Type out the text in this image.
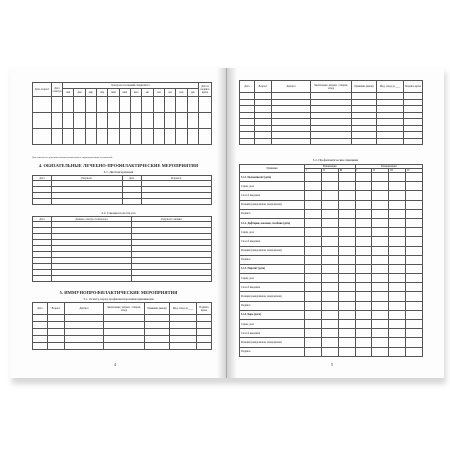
Дата, возраст	Дата осмотра	Контроль посещений специалиста												Дата и подпись врача
		янв	фев	мар	апр	май	июн	июл	авг	сен	окт	ноя	дек	

Для отметки по дополнительным назначениям и характеристикам осложнений
4. ОБЯЗАТЕЛЬНЫЕ ЛЕЧЕБНО-ПРОФИЛАКТИЧЕСКИЕ МЕРОПРИЯТИЯ
4.1. Диспансеризация
Дата	Результат	Дата	Результат

4.2. Санация полости рта
Дата	Данные осмотра стоматолога	Результат санации

5. ИММУНОПРОФИЛАКТИЧЕСКИЕ МЕРОПРИЯТИЯ
5.1. Осмотр перед профилактическими прививками
Дата	Возраст	Диагноз	Заключение: разреш. / запрещ. отвод	Прививка (какая)	Мед. отвод до____	Подпись врача

4
Дата	Возраст	Диагноз	Заключение: разреш. / запрещ. отвод	Прививка (какая)	Мед. отвод до____	Подпись врача

5.2. Профилактические прививки
Прививки	Вакцинация			Ревакцинация			
	I	II	III	I	II	III	IV
5.2.1. Полиомиелит (дата)							
Серия, доза							
Способ введения							
Реакция (немедленная, замедленная)							
Подпись							
5.2.2. Дифтерия, коклюш, столбняк (дата)							
Серия, доза							
Способ введения							
Реакция (немедленная, замедленная)							
Подпись							
5.2.3. Паротит (дата)							
Серия, доза							
Способ введения							
Реакция (немедленная, замедленная)							
Подпись							
5.2.4. Корь (дата)							
Серия, доза							
Способ введения							
Реакция (немедленная, замедленная)							
Подпись							
5
